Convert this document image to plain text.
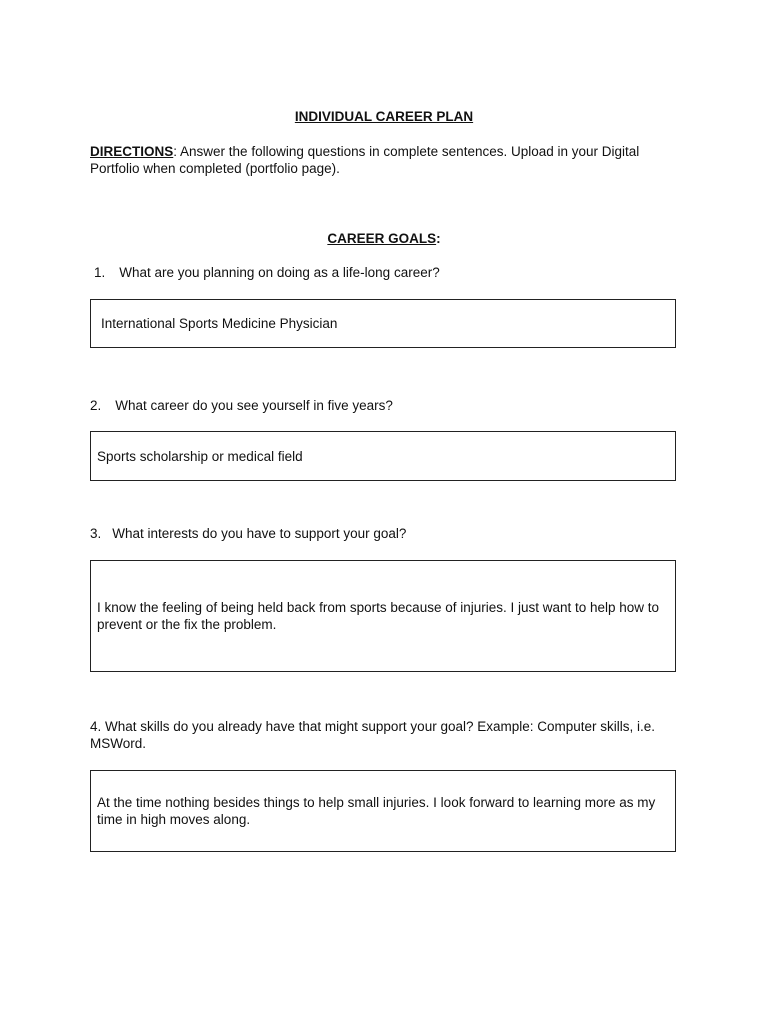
INDIVIDUAL CAREER PLAN
DIRECTIONS: Answer the following questions in complete sentences. Upload in your Digital Portfolio when completed (portfolio page).
CAREER GOALS:
1. What are you planning on doing as a life-long career?
International Sports Medicine Physician
2. What career do you see yourself in five years?
Sports scholarship or medical field
3. What interests do you have to support your goal?
I know the feeling of being held back from sports because of injuries. I just want to help how to prevent or the fix the problem.
4. What skills do you already have that might support your goal? Example: Computer skills, i.e. MSWord.
At the time nothing besides things to help small injuries. I look forward to learning more as my time in high moves along.
